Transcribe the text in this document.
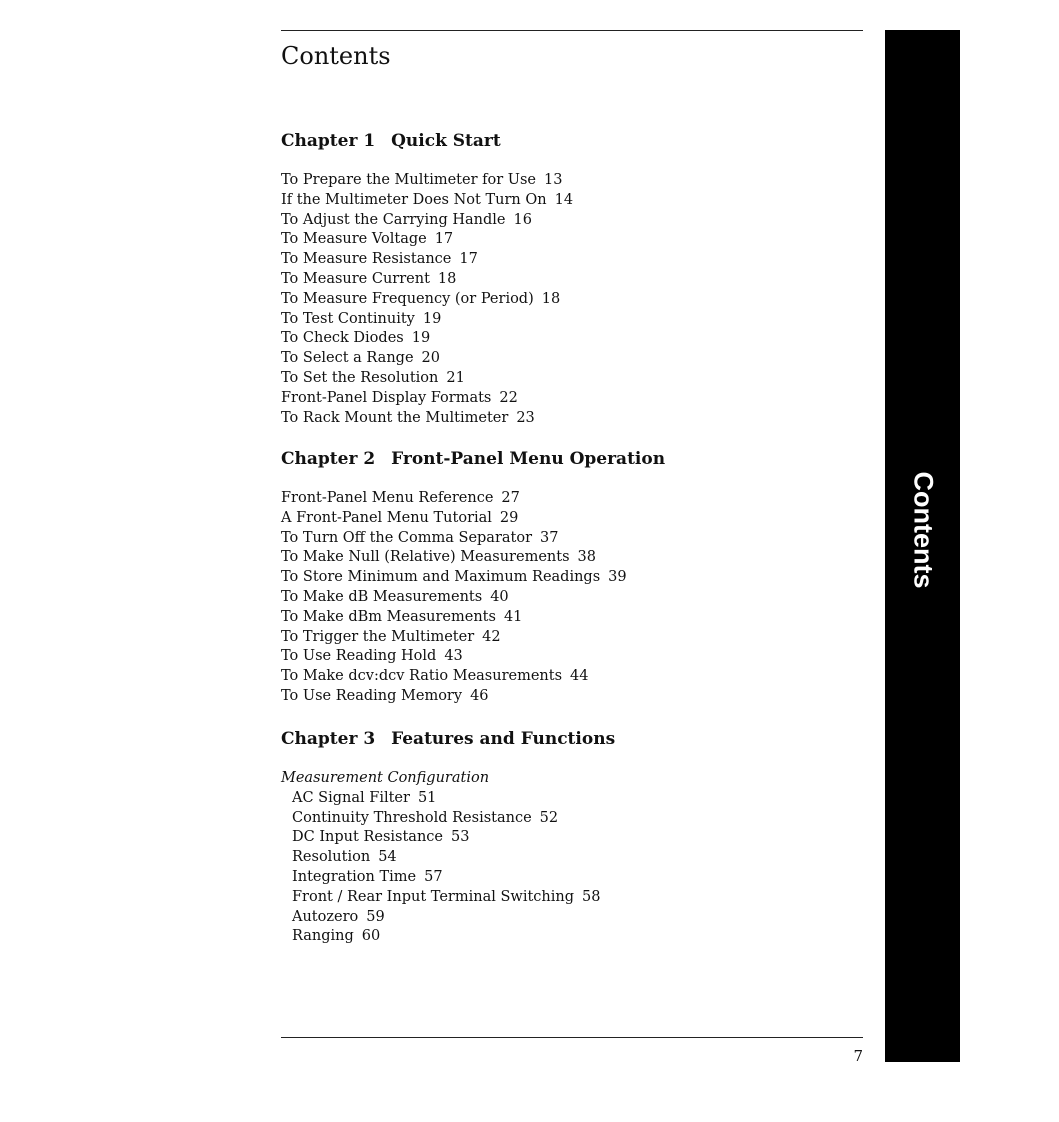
Contents
Chapter 1 Quick Start
To Prepare the Multimeter for Use 13
If the Multimeter Does Not Turn On 14
To Adjust the Carrying Handle 16
To Measure Voltage 17
To Measure Resistance 17
To Measure Current 18
To Measure Frequency (or Period) 18
To Test Continuity 19
To Check Diodes 19
To Select a Range 20
To Set the Resolution 21
Front-Panel Display Formats 22
To Rack Mount the Multimeter 23
Chapter 2 Front-Panel Menu Operation
Front-Panel Menu Reference 27
A Front-Panel Menu Tutorial 29
To Turn Off the Comma Separator 37
To Make Null (Relative) Measurements 38
To Store Minimum and Maximum Readings 39
To Make dB Measurements 40
To Make dBm Measurements 41
To Trigger the Multimeter 42
To Use Reading Hold 43
To Make dcv:dcv Ratio Measurements 44
To Use Reading Memory 46
Chapter 3 Features and Functions
Measurement Configuration
AC Signal Filter 51
Continuity Threshold Resistance 52
DC Input Resistance 53
Resolution 54
Integration Time 57
Front / Rear Input Terminal Switching 58
Autozero 59
Ranging 60
7
Contents
